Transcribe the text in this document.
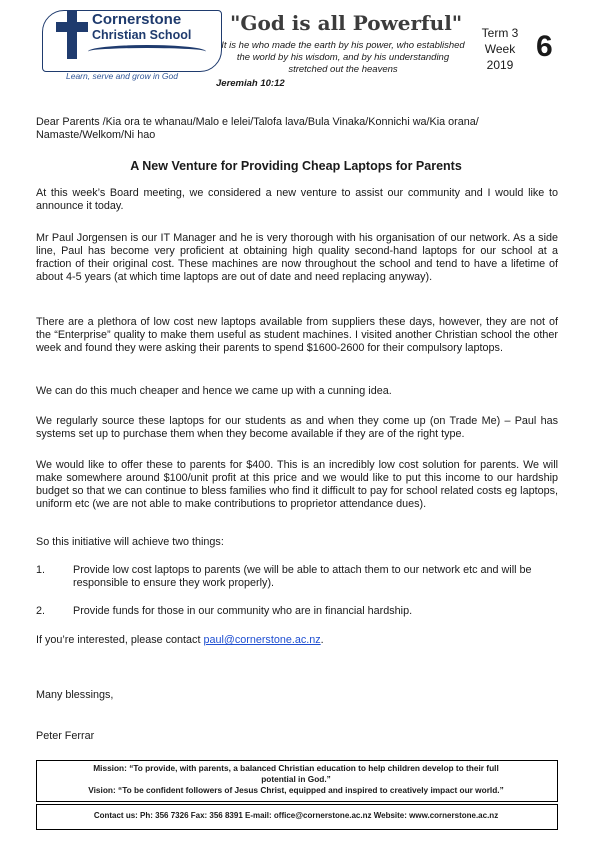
Cornerstone
Christian School
Learn, serve and grow in God
"God is all Powerful"
It is he who made the earth by his power, who established the world by his wisdom, and by his understanding stretched out the heavens
Jeremiah 10:12
Term 3
Week
2019
6
Dear Parents /Kia ora te whanau/Malo e lelei/Talofa lava/Bula Vinaka/Konnichi wa/Kia orana/ Namaste/Welkom/Ni hao
A New Venture for Providing Cheap Laptops for Parents
At this week’s Board meeting, we considered a new venture to assist our community and I would like to announce it today.
Mr Paul Jorgensen is our IT Manager and he is very thorough with his organisation of our network. As a side line, Paul has become very proficient at obtaining high quality second-hand laptops for our school at a fraction of their original cost. These machines are now throughout the school and tend to have a lifetime of about 4-5 years (at which time laptops are out of date and need replacing anyway).
There are a plethora of low cost new laptops available from suppliers these days, however, they are not of the “Enterprise” quality to make them useful as student machines. I visited another Christian school the other week and found they were asking their parents to spend $1600-2600 for their compulsory laptops.
We can do this much cheaper and hence we came up with a cunning idea.
We regularly source these laptops for our students as and when they come up (on Trade Me) – Paul has systems set up to purchase them when they become available if they are of the right type.
We would like to offer these to parents for $400. This is an incredibly low cost solution for parents. We will make somewhere around $100/unit profit at this price and we would like to put this income to our hardship budget so that we can continue to bless families who find it difficult to pay for school related costs eg laptops, uniform etc (we are not able to make contributions to proprietor attendance dues).
So this initiative will achieve two things:
1.	Provide low cost laptops to parents (we will be able to attach them to our network etc and will be responsible to ensure they work properly).
2.	Provide funds for those in our community who are in financial hardship.
If you’re interested, please contact paul@cornerstone.ac.nz.
Many blessings,
Peter Ferrar
Mission: “To provide, with parents, a balanced Christian education to help children develop to their full potential in God.”
Vision: “To be confident followers of Jesus Christ, equipped and inspired to creatively impact our world.”
Contact us: Ph: 356 7326 Fax: 356 8391 E-mail: office@cornerstone.ac.nz Website: www.cornerstone.ac.nz
